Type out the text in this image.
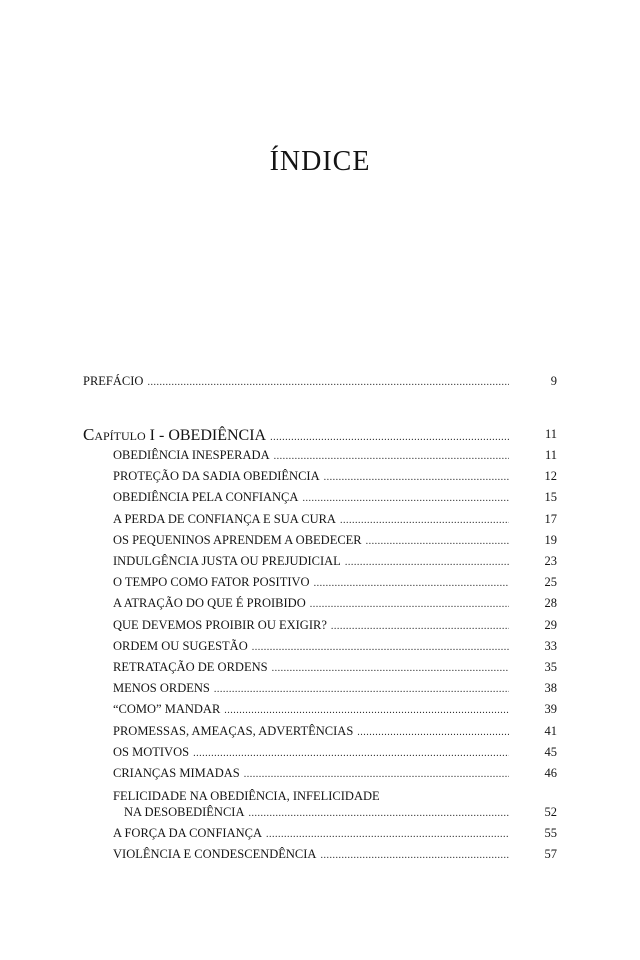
ÍNDICE
PREFÁCIO .....	9
CAPÍTULO I - OBEDIÊNCIA .....	11
OBEDIÊNCIA INESPERADA .....	11
PROTEÇÃO DA SADIA OBEDIÊNCIA .....	12
OBEDIÊNCIA PELA CONFIANÇA .....	15
A PERDA DE CONFIANÇA E SUA CURA .....	17
OS PEQUENINOS APRENDEM A OBEDECER .....	19
INDULGÊNCIA JUSTA OU PREJUDICIAL .....	23
O TEMPO COMO FATOR POSITIVO .....	25
A ATRAÇÃO DO QUE É PROIBIDO .....	28
QUE DEVEMOS PROIBIR OU EXIGIR? .....	29
ORDEM OU SUGESTÃO .....	33
RETRATAÇÃO DE ORDENS .....	35
MENOS ORDENS .....	38
“COMO” MANDAR .....	39
PROMESSAS, AMEAÇAS, ADVERTÊNCIAS .....	41
OS MOTIVOS .....	45
CRIANÇAS MIMADAS .....	46
FELICIDADE NA OBEDIÊNCIA, INFELICIDADE
NA DESOBEDIÊNCIA .....	52
A FORÇA DA CONFIANÇA .....	55
VIOLÊNCIA E CONDESCENDÊNCIA .....	57
